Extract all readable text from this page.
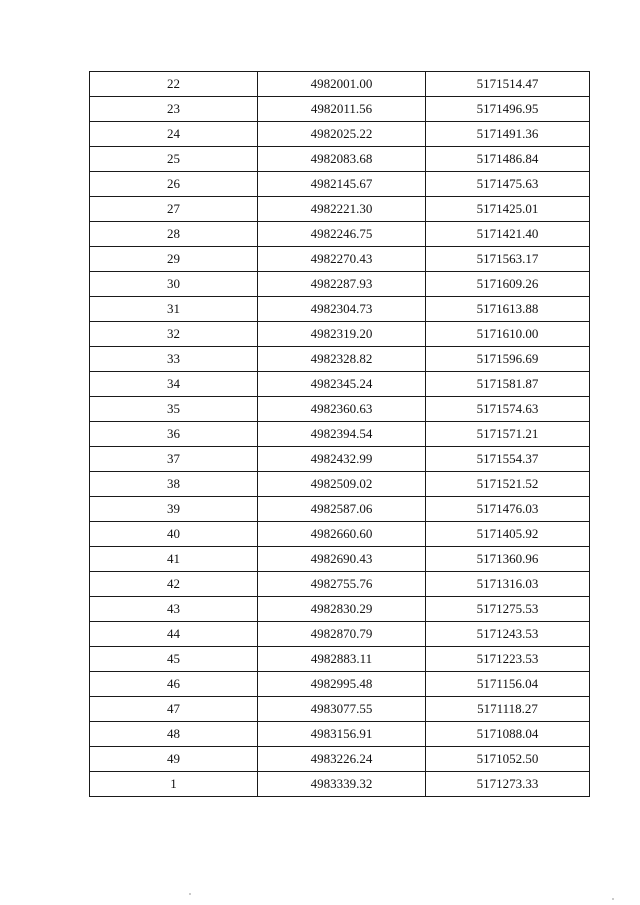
22	4982001.00	5171514.47
23	4982011.56	5171496.95
24	4982025.22	5171491.36
25	4982083.68	5171486.84
26	4982145.67	5171475.63
27	4982221.30	5171425.01
28	4982246.75	5171421.40
29	4982270.43	5171563.17
30	4982287.93	5171609.26
31	4982304.73	5171613.88
32	4982319.20	5171610.00
33	4982328.82	5171596.69
34	4982345.24	5171581.87
35	4982360.63	5171574.63
36	4982394.54	5171571.21
37	4982432.99	5171554.37
38	4982509.02	5171521.52
39	4982587.06	5171476.03
40	4982660.60	5171405.92
41	4982690.43	5171360.96
42	4982755.76	5171316.03
43	4982830.29	5171275.53
44	4982870.79	5171243.53
45	4982883.11	5171223.53
46	4982995.48	5171156.04
47	4983077.55	5171118.27
48	4983156.91	5171088.04
49	4983226.24	5171052.50
1	4983339.32	5171273.33
